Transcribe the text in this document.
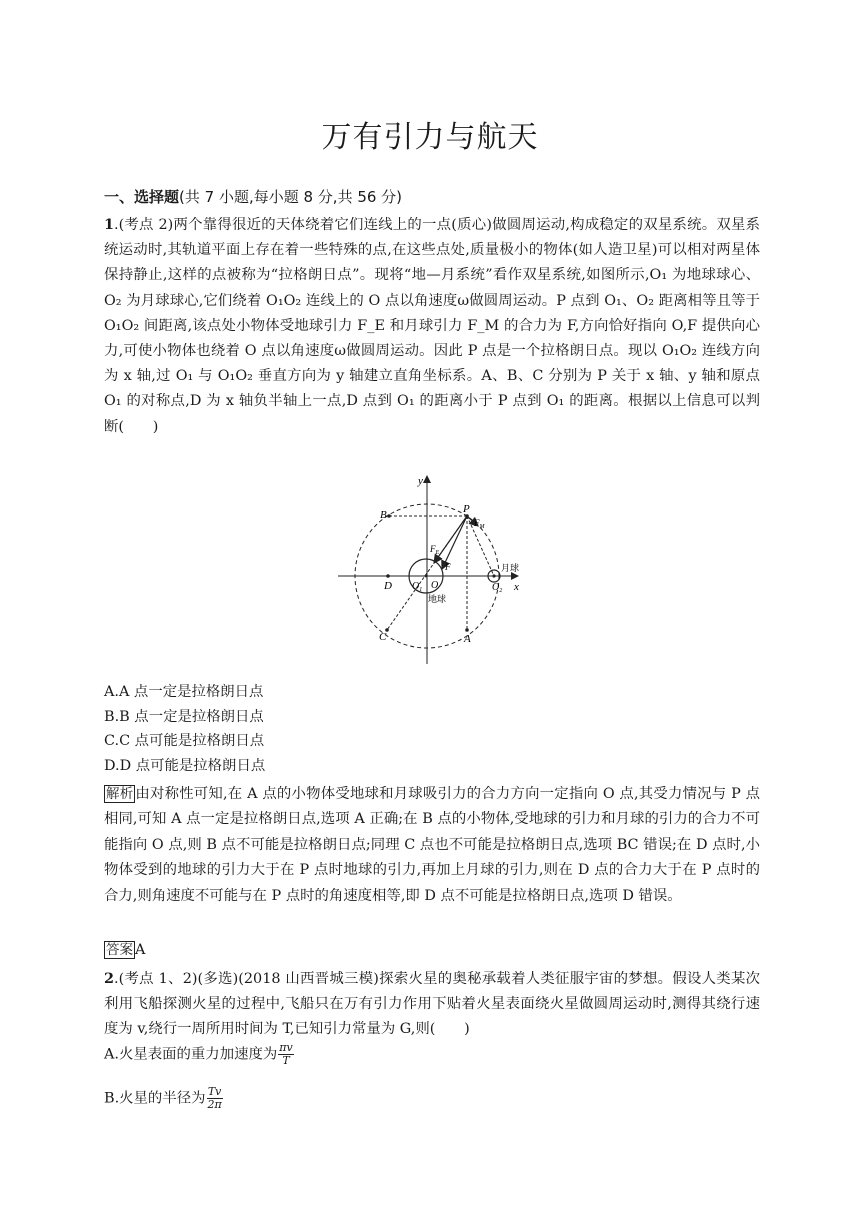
万有引力与航天
一、选择题(共 7 小题,每小题 8 分,共 56 分)
1.(考点 2)两个靠得很近的天体绕着它们连线上的一点(质心)做圆周运动,构成稳定的双星系统。双星系统运动时,其轨道平面上存在着一些特殊的点,在这些点处,质量极小的物体(如人造卫星)可以相对两星体保持静止,这样的点被称为“拉格朗日点”。现将“地—月系统”看作双星系统,如图所示,O₁ 为地球球心、O₂ 为月球球心,它们绕着 O₁O₂ 连线上的 O 点以角速度ω做圆周运动。P 点到 O₁、O₂ 距离相等且等于 O₁O₂ 间距离,该点处小物体受地球引力 F_E 和月球引力 F_M 的合力为 F,方向恰好指向 O,F 提供向心力,可使小物体也绕着 O 点以角速度ω做圆周运动。因此 P 点是一个拉格朗日点。现以 O₁O₂ 连线方向为 x 轴,过 O₁ 与 O₁O₂ 垂直方向为 y 轴建立直角坐标系。A、B、C 分别为 P 关于 x 轴、y 轴和原点 O₁ 的对称点,D 为 x 轴负半轴上一点,D 点到 O₁ 的距离小于 P 点到 O₁ 的距离。根据以上信息可以判断(　　)
y
x
P
B
$F_M$
$F_E$
F
D $O_1$ O	$O_2$
月球
地球
C	A
A.A 点一定是拉格朗日点
B.B 点一定是拉格朗日点
C.C 点可能是拉格朗日点
D.D 点可能是拉格朗日点
解析 由对称性可知,在 A 点的小物体受地球和月球吸引力的合力方向一定指向 O 点,其受力情况与 P 点相同,可知 A 点一定是拉格朗日点,选项 A 正确;在 B 点的小物体,受地球的引力和月球的引力的合力不可能指向 O 点,则 B 点不可能是拉格朗日点;同理 C 点也不可能是拉格朗日点,选项 BC 错误;在 D 点时,小物体受到的地球的引力大于在 P 点时地球的引力,再加上月球的引力,则在 D 点的合力大于在 P 点时的合力,则角速度不可能与在 P 点时的角速度相等,即 D 点不可能是拉格朗日点,选项 D 错误。
答案 A
2.(考点 1、2)(多选)(2018 山西晋城三模)探索火星的奥秘承载着人类征服宇宙的梦想。假设人类某次利用飞船探测火星的过程中,飞船只在万有引力作用下贴着火星表面绕火星做圆周运动时,测得其绕行速度为 v,绕行一周所用时间为 T,已知引力常量为 G,则(　　)
A.火星表面的重力加速度为 $\frac{\pi v}{T}$
B.火星的半径为 $\frac{Tv}{2\pi}$
